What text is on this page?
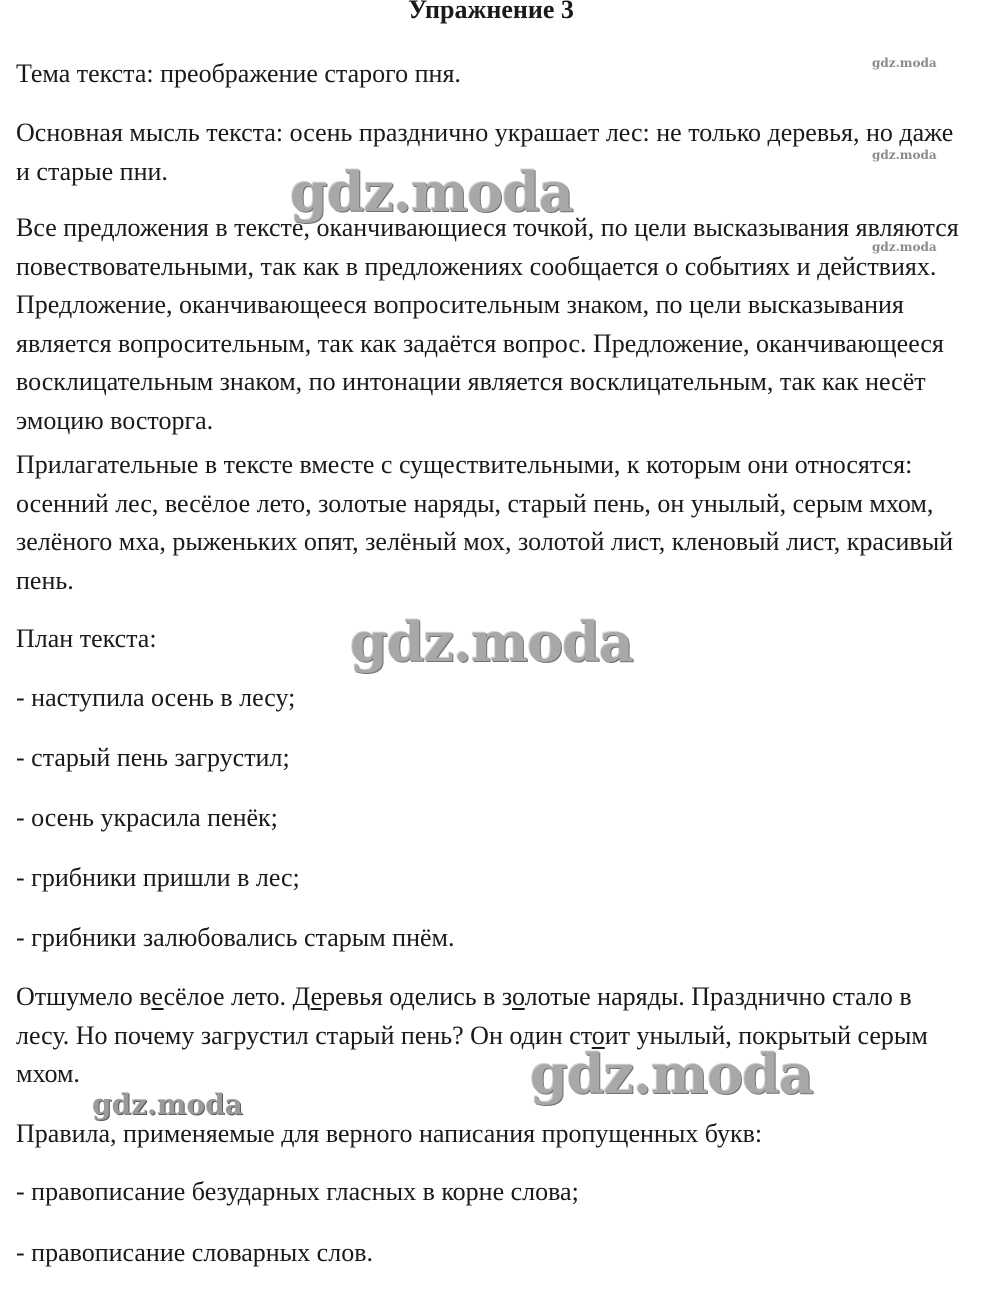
Упражнение 3

Тема текста: преображение старого пня.

Основная мысль текста: осень празднично украшает лес: не только деревья, но даже и старые пни.

Все предложения в тексте, оканчивающиеся точкой, по цели высказывания являются повествовательными, так как в предложениях сообщается о событиях и действиях. Предложение, оканчивающееся вопросительным знаком, по цели высказывания является вопросительным, так как задаётся вопрос. Предложение, оканчивающееся восклицательным знаком, по интонации является восклицательным, так как несёт эмоцию восторга.

Прилагательные в тексте вместе с существительными, к которым они относятся: осенний лес, весёлое лето, золотые наряды, старый пень, он унылый, серым мхом, зелёного мха, рыженьких опят, зелёный мох, золотой лист, кленовый лист, красивый пень.

План текста:

- наступила осень в лесу;

- старый пень загрустил;

- осень украсила пенёк;

- грибники пришли в лес;

- грибники залюбовались старым пнём.

Отшумело весёлое лето. Деревья оделись в золотые наряды. Празднично стало в лесу. Но почему загрустил старый пень? Он один стоит унылый, покрытый серым мхом.

Правила, применяемые для верного написания пропущенных букв:

- правописание безударных гласных в корне слова;

- правописание словарных слов.

gdz.moda
gdz.moda
gdz.moda
gdz.moda
gdz.moda
gdz.moda
gdz.moda
